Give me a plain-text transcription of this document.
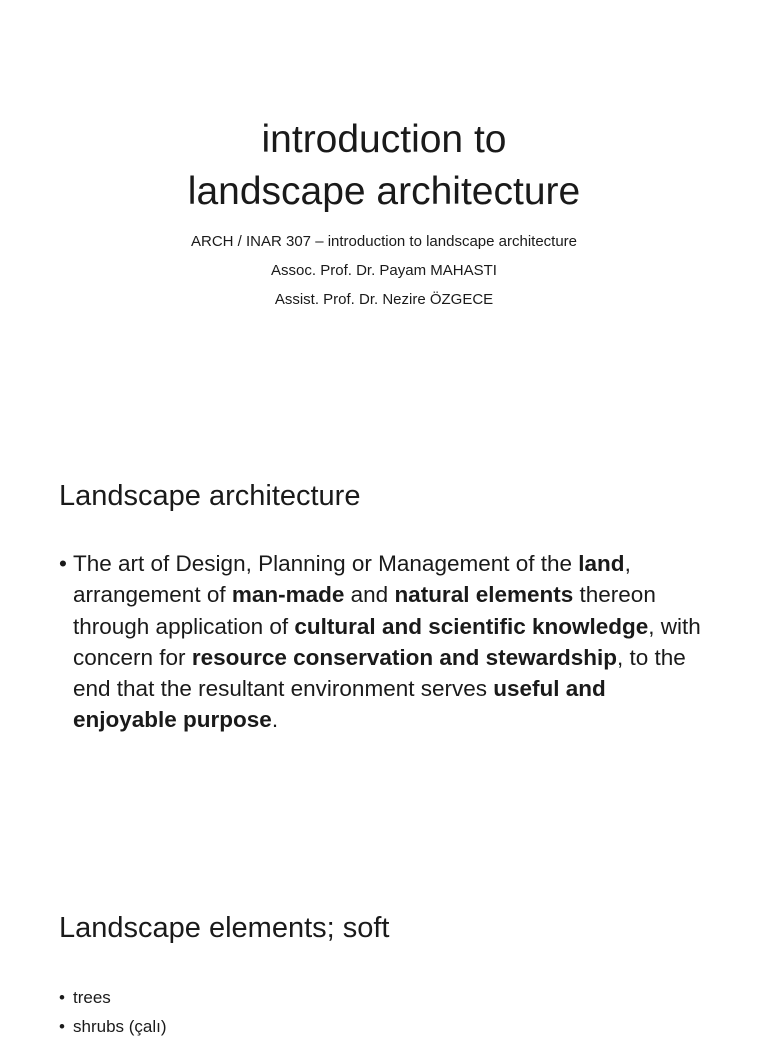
introduction to
landscape architecture
ARCH / INAR 307 – introduction to landscape architecture
Assoc. Prof. Dr. Payam MAHASTI
Assist. Prof. Dr. Nezire ÖZGECE
Landscape architecture
• The art of Design, Planning or Management of the land, arrangement of man-made and natural elements thereon through application of cultural and scientific knowledge, with concern for resource conservation and stewardship, to the end that the resultant environment serves useful and enjoyable purpose.
Landscape elements; soft
• trees
• shrubs (çalı)
